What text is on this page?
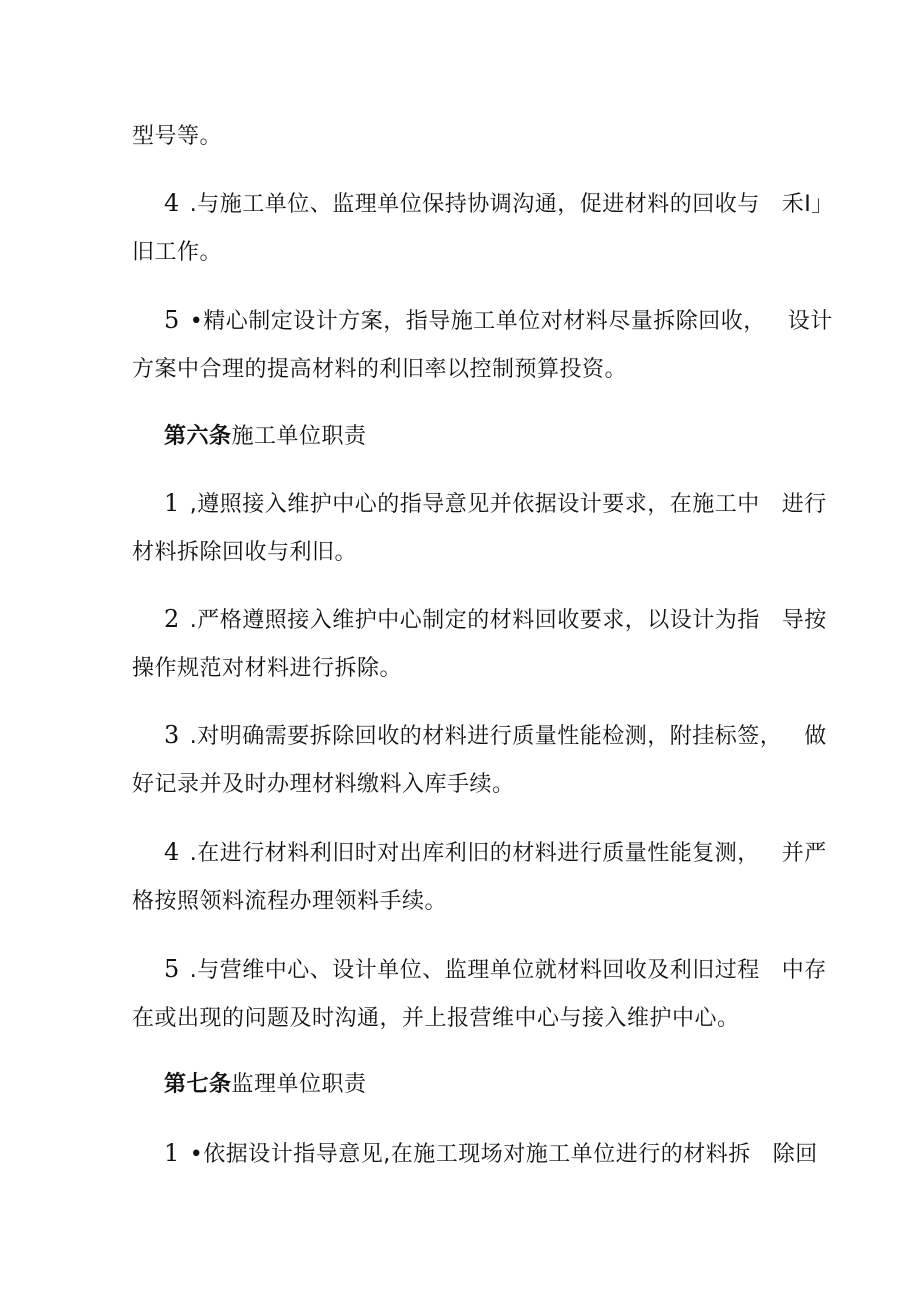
型号等。
4 .与施工单位、监理单位保持协调沟通，促进材料的回收与 禾I」
旧工作。
5 •精心制定设计方案，指导施工单位对材料尽量拆除回收， 设计
方案中合理的提高材料的利旧率以控制预算投资。
第六条施工单位职责
1 ,遵照接入维护中心的指导意见并依据设计要求，在施工中 进行
材料拆除回收与利旧。
2 .严格遵照接入维护中心制定的材料回收要求，以设计为指 导按
操作规范对材料进行拆除。
3 .对明确需要拆除回收的材料进行质量性能检测，附挂标签， 做
好记录并及时办理材料缴料入库手续。
4 .在进行材料利旧时对出库利旧的材料进行质量性能复测， 并严
格按照领料流程办理领料手续。
5 .与营维中心、设计单位、监理单位就材料回收及利旧过程 中存
在或出现的问题及时沟通，并上报营维中心与接入维护中心。
第七条监理单位职责
1 •依据设计指导意见,在施工现场对施工单位进行的材料拆 除回
